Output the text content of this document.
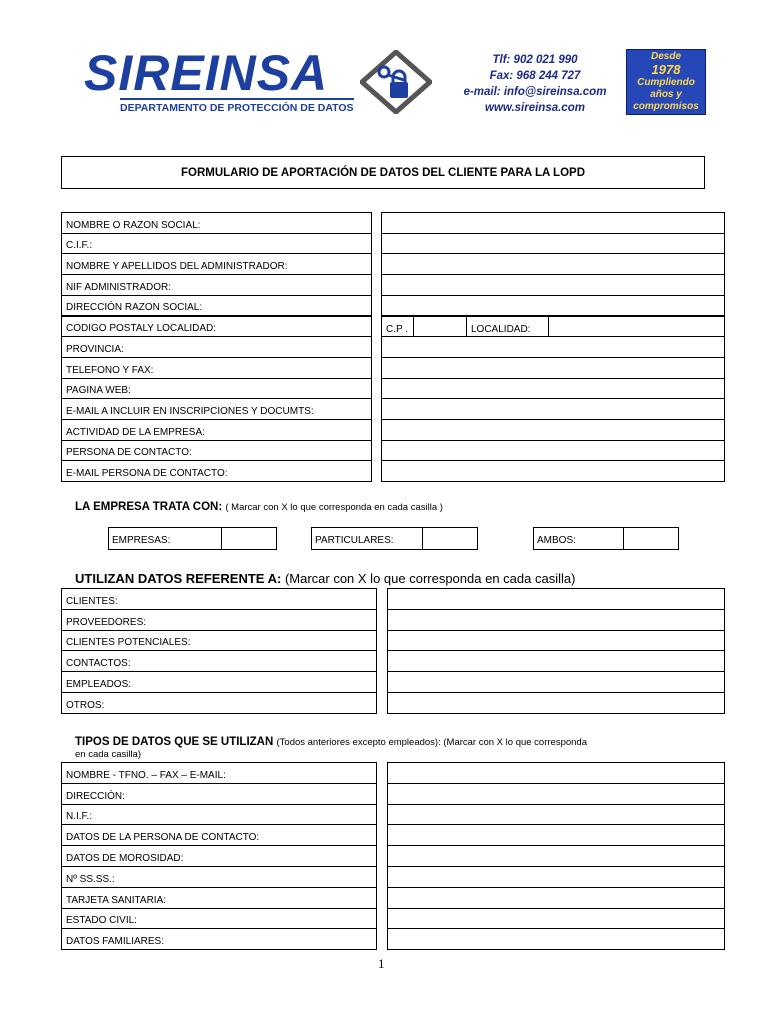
SIREINSA
DEPARTAMENTO DE PROTECCIÓN DE DATOS
Tlf: 902 021 990
Fax: 968 244 727
e-mail: info@sireinsa.com
www.sireinsa.com
Desde
1978
Cumpliendo
años y
compromisos
FORMULARIO DE APORTACIÓN DE DATOS DEL CLIENTE PARA LA LOPD
NOMBRE O RAZON SOCIAL:
C.I.F.:
NOMBRE Y APELLIDOS DEL ADMINISTRADOR:
NIF ADMINISTRADOR:
DIRECCIÓN RAZON SOCIAL:
CODIGO POSTALY LOCALIDAD:	C.P .	LOCALIDAD:
PROVINCIA:
TELEFONO Y FAX:
PAGINA WEB:
E-MAIL A INCLUIR EN INSCRIPCIONES Y DOCUMTS:
ACTIVIDAD DE LA EMPRESA:
PERSONA DE CONTACTO:
E-MAIL PERSONA DE CONTACTO:
LA EMPRESA TRATA CON: ( Marcar con X lo que corresponda en cada casilla )
EMPRESAS:	PARTICULARES:	AMBOS:
UTILIZAN DATOS REFERENTE A: (Marcar con X lo que corresponda en cada casilla)
CLIENTES:
PROVEEDORES:
CLIENTES POTENCIALES:
CONTACTOS:
EMPLEADOS:
OTROS:
TIPOS DE DATOS QUE SE UTILIZAN (Todos anteriores excepto empleados): (Marcar con X lo que corresponda
en cada casilla)
NOMBRE - TFNO. – FAX – E-MAIL:
DIRECCIÓN:
N.I.F.:
DATOS DE LA PERSONA DE CONTACTO:
DATOS DE MOROSIDAD:
Nº SS.SS.:
TARJETA SANITARIA:
ESTADO CIVIL:
DATOS FAMILIARES:
1
